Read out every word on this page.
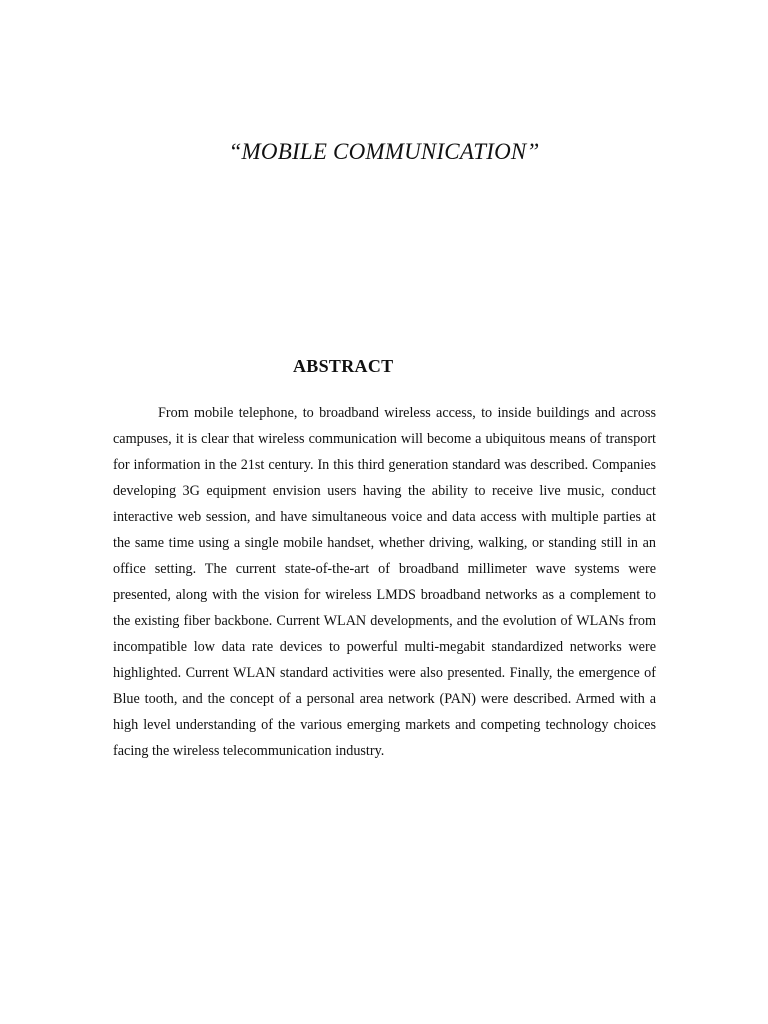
“MOBILE COMMUNICATION”
ABSTRACT

From mobile telephone, to broadband wireless access, to inside buildings and across campuses, it is clear that wireless communication will become a ubiquitous means of transport for information in the 21st century. In this third generation standard was described. Companies developing 3G equipment envision users having the ability to receive live music, conduct interactive web session, and have simultaneous voice and data access with multiple parties at the same time using a single mobile handset, whether driving, walking, or standing still in an office setting. The current state-of-the-art of broadband millimeter wave systems were presented, along with the vision for wireless LMDS broadband networks as a complement to the existing fiber backbone. Current WLAN developments, and the evolution of WLANs from incompatible low data rate devices to powerful multi-megabit standardized networks were highlighted. Current WLAN standard activities were also presented. Finally, the emergence of Blue tooth, and the concept of a personal area network (PAN) were described. Armed with a high level understanding of the various emerging markets and competing technology choices facing the wireless telecommunication industry.
